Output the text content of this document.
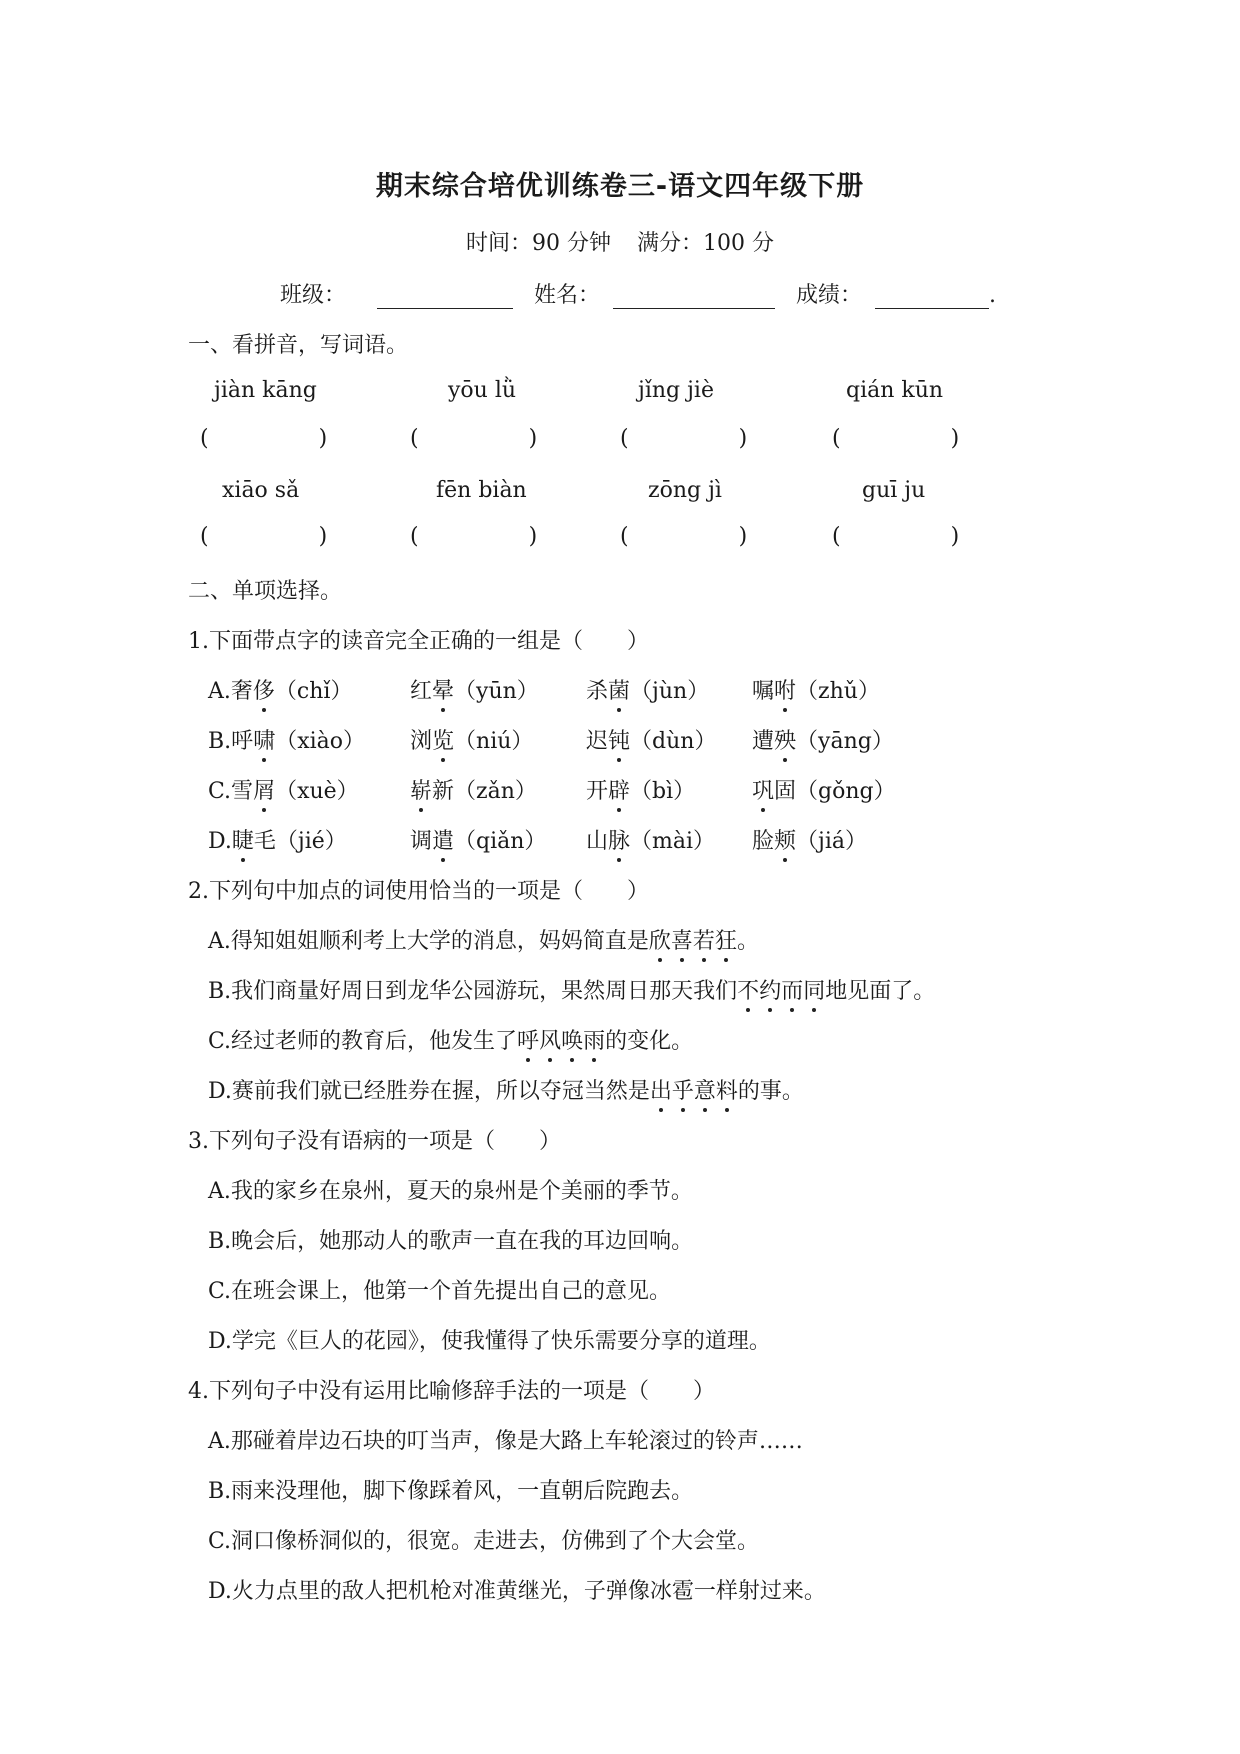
期末综合培优训练卷三-语文四年级下册
时间：90 分钟 满分：100 分
班级：	姓名：	成绩：	.
一、看拼音，写词语。
jiàn kāng	yōu lǜ	jǐng jiè	qián kūn
(	)	(	)	(	)	(	)
xiāo sǎ	fēn biàn	zōng jì	guī ju
(	)	(	)	(	)	(	)
二、单项选择。
1.下面带点字的读音完全正确的一组是（　　）
A.奢侈（chǐ）	红晕（yūn） 杀菌（jùn） 嘱咐（zhǔ）
B.呼啸（xiào） 浏览（niú） 迟钝（dùn） 遭殃（yāng）
C.雪屑（xuè） 崭新（zǎn） 开辟（bì）	巩固（gǒng）
D.睫毛（jié）	调遣（qiǎn） 山脉（mài） 脸颊（jiá）
2.下列句中加点的词使用恰当的一项是（　　）
A.得知姐姐顺利考上大学的消息，妈妈简直是欣喜若狂。
B.我们商量好周日到龙华公园游玩，果然周日那天我们不约而同地见面了。
C.经过老师的教育后，他发生了呼风唤雨的变化。
D.赛前我们就已经胜券在握，所以夺冠当然是出乎意料的事。
3.下列句子没有语病的一项是（　　）
A.我的家乡在泉州，夏天的泉州是个美丽的季节。
B.晚会后，她那动人的歌声一直在我的耳边回响。
C.在班会课上，他第一个首先提出自己的意见。
D.学完《巨人的花园》，使我懂得了快乐需要分享的道理。
4.下列句子中没有运用比喻修辞手法的一项是（　　）
A.那碰着岸边石块的叮当声，像是大路上车轮滚过的铃声……
B.雨来没理他，脚下像踩着风，一直朝后院跑去。
C.洞口像桥洞似的，很宽。走进去，仿佛到了个大会堂。
D.火力点里的敌人把机枪对准黄继光，子弹像冰雹一样射过来。
